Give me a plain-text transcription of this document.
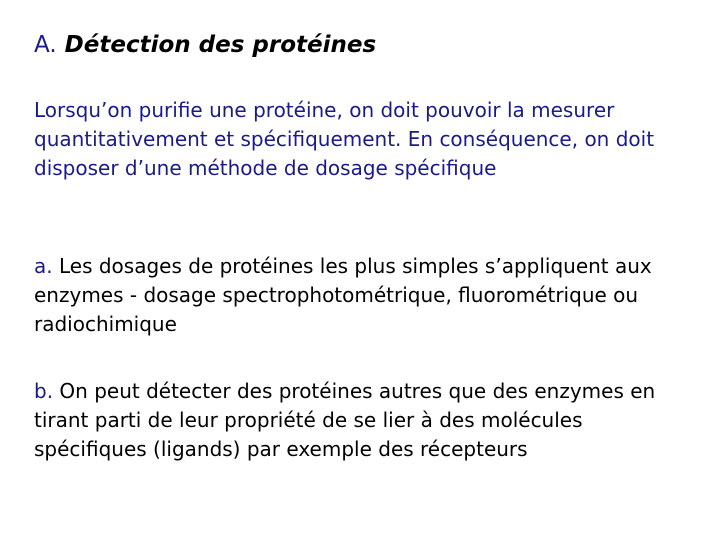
A. Détection des protéines

Lorsqu’on purifie une protéine, on doit pouvoir la mesurer quantitativement et spécifiquement. En conséquence, on doit disposer d’une méthode de dosage spécifique

a. Les dosages de protéines les plus simples s’appliquent aux enzymes - dosage spectrophotométrique, fluorométrique ou radiochimique

b. On peut détecter des protéines autres que des enzymes en tirant parti de leur propriété de se lier à des molécules spécifiques (ligands) par exemple des récepteurs
